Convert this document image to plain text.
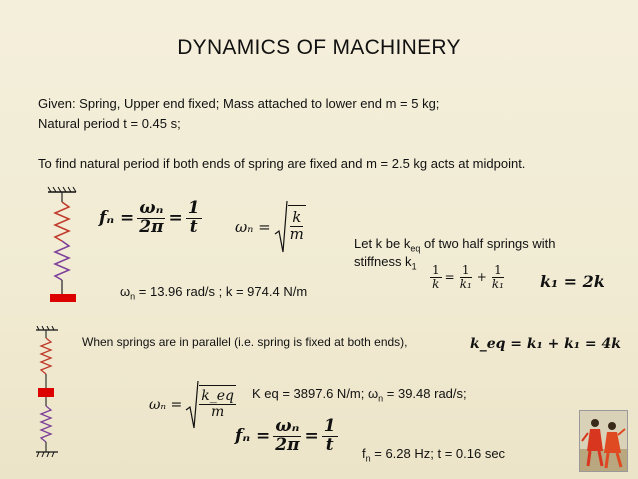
DYNAMICS OF MACHINERY
Given: Spring, Upper end fixed; Mass attached to lower end m = 5 kg;
Natural period t = 0.45 s;
To find natural period if both ends of spring are fixed and m = 2.5 kg acts at midpoint.
$f_n = \frac{\text{ωₙ}}{2\pi} = \frac{1}{t}$ $\omega_n = \frac{k}{m}$
$\omega_n = 13.96$ rad/s ; k = 974.4 N/m
Let k be $k_{eq}$ of two half springs with
stiffness $k_1 \frac{1}{k} = \frac{1}{\text{k₁}} + \frac{1}{\text{k₁}} k_1 = 2k$
When springs are in parallel (i.e. spring is fixed at both ends),	k_eq = k₁ + k₁ = 4k
$\omega_n = \frac{k\_eq}{m}$ K eq = 3897.6 N/m; $\omega_n = 39.48$ rad/s;
$f_n = \frac{\text{ωₙ}}{2\pi} = \frac{1}{t} f_n = 6.28$ Hz; t = 0.16 sec
